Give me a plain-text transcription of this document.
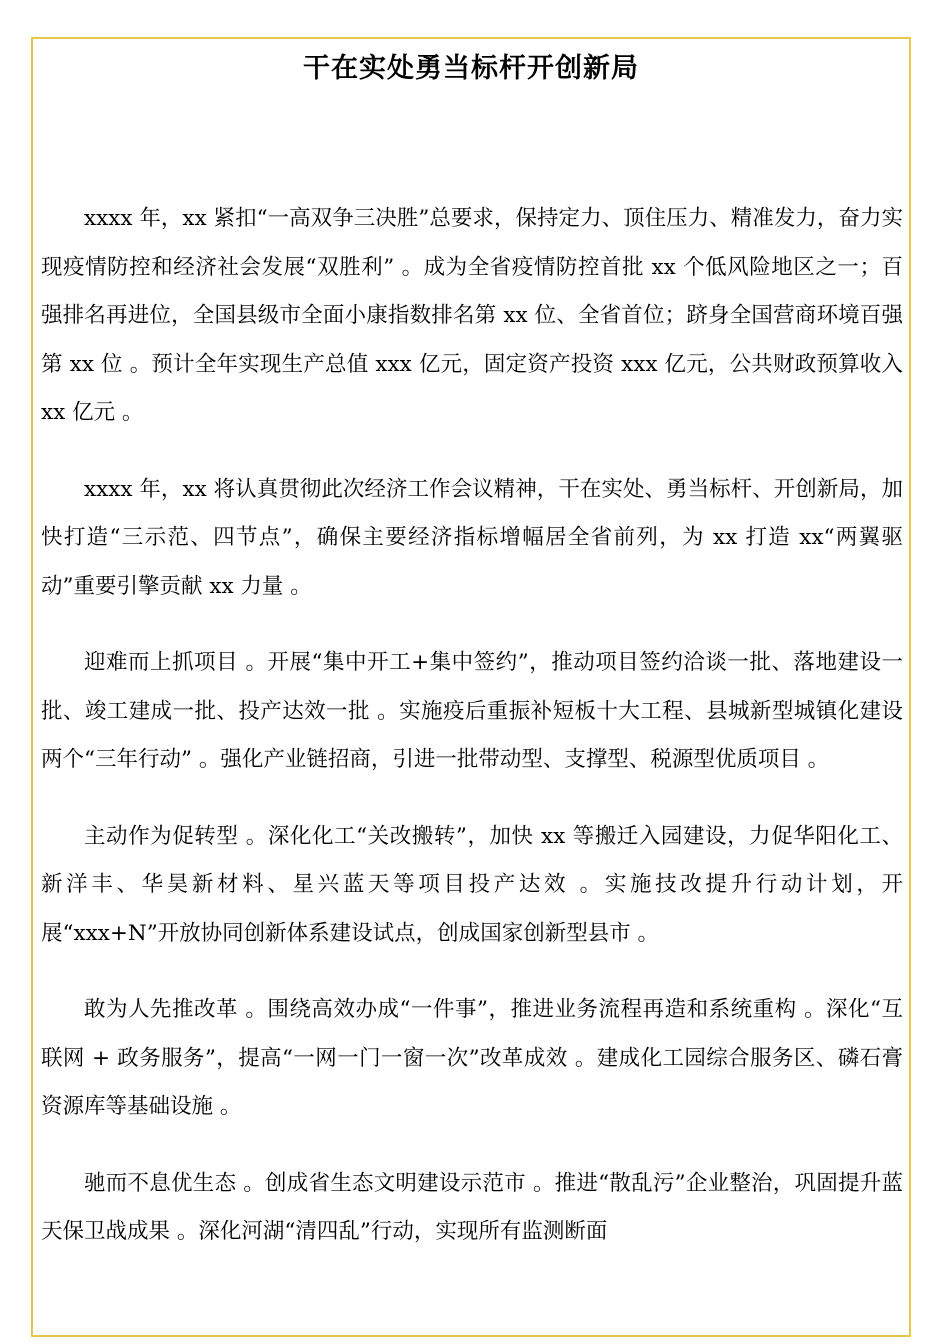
干在实处勇当标杆开创新局

xxxx 年，xx 紧扣“一高双争三决胜”总要求，保持定力、顶住压力、精准发力，奋力实现疫情防控和经济社会发展“双胜利” 。成为全省疫情防控首批 xx 个低风险地区之一；百强排名再进位，全国县级市全面小康指数排名第 xx 位、全省首位；跻身全国营商环境百强第 xx 位 。预计全年实现生产总值 xxx 亿元，固定资产投资 xxx 亿元，公共财政预算收入 xx 亿元 。

xxxx 年，xx 将认真贯彻此次经济工作会议精神，干在实处、勇当标杆、开创新局，加快打造“三示范、四节点”，确保主要经济指标增幅居全省前列，为 xx 打造 xx“两翼驱动”重要引擎贡献 xx 力量 。

迎难而上抓项目 。开展“集中开工+集中签约”，推动项目签约洽谈一批、落地建设一批、竣工建成一批、投产达效一批 。实施疫后重振补短板十大工程、县城新型城镇化建设两个“三年行动” 。强化产业链招商，引进一批带动型、支撑型、税源型优质项目 。

主动作为促转型 。深化化工“关改搬转”，加快 xx 等搬迁入园建设，力促华阳化工、新洋丰、华昊新材料、星兴蓝天等项目投产达效 。实施技改提升行动计划，开展“xxx+N”开放协同创新体系建设试点，创成国家创新型县市 。

敢为人先推改革 。围绕高效办成“一件事”，推进业务流程再造和系统重构 。深化“互联网 + 政务服务”，提高“一网一门一窗一次”改革成效 。建成化工园综合服务区、磷石膏资源库等基础设施 。

驰而不息优生态 。创成省生态文明建设示范市 。推进“散乱污”企业整治，巩固提升蓝天保卫战成果 。深化河湖“清四乱”行动，实现所有监测断面
